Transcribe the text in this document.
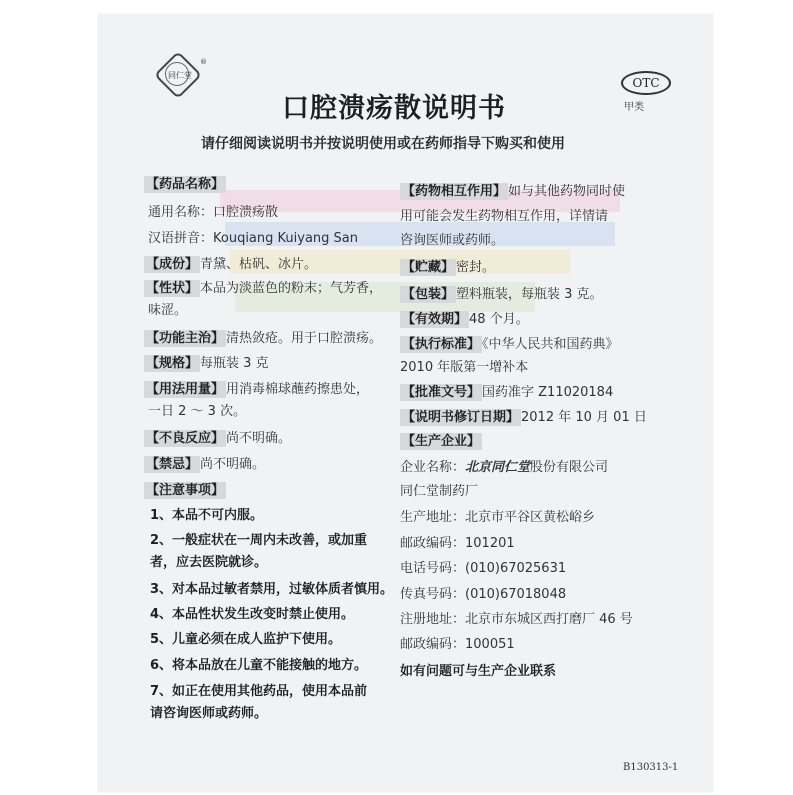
同仁堂
®
口腔溃疡散说明书
OTC
甲类
请仔细阅读说明书并按说明使用或在药师指导下购买和使用
【药品名称】
通用名称：口腔溃疡散
汉语拼音：Kouqiang Kuiyang San
【成份】 青黛、枯矾、冰片。
【性状】 本品为淡蓝色的粉末；气芳香，
味涩。
【功能主治】 清热敛疮。用于口腔溃疡。
【规格】 每瓶装 3 克
【用法用量】 用消毒棉球蘸药擦患处，
一日 2 ～ 3 次。
【不良反应】 尚不明确。
【禁忌】 尚不明确。
【注意事项】
1、本品不可内服。
2、一般症状在一周内未改善，或加重
者，应去医院就诊。
3、对本品过敏者禁用，过敏体质者慎用。
4、本品性状发生改变时禁止使用。
5、儿童必须在成人监护下使用。
6、将本品放在儿童不能接触的地方。
7、如正在使用其他药品，使用本品前
请咨询医师或药师。
【药物相互作用】 如与其他药物同时使
用可能会发生药物相互作用，详情请
咨询医师或药师。
【贮藏】 密封。
【包装】 塑料瓶装，每瓶装 3 克。
【有效期】 48 个月。
【执行标准】 《中华人民共和国药典》
2010 年版第一增补本
【批准文号】 国药准字 Z11020184
【说明书修订日期】 2012 年 10 月 01 日
【生产企业】
企业名称：北京同仁堂股份有限公司
同仁堂制药厂
生产地址：北京市平谷区黄松峪乡
邮政编码：101201
电话号码：(010)67025631
传真号码：(010)67018048
注册地址：北京市东城区西打磨厂 46 号
邮政编码：100051
如有问题可与生产企业联系
B130313-1
